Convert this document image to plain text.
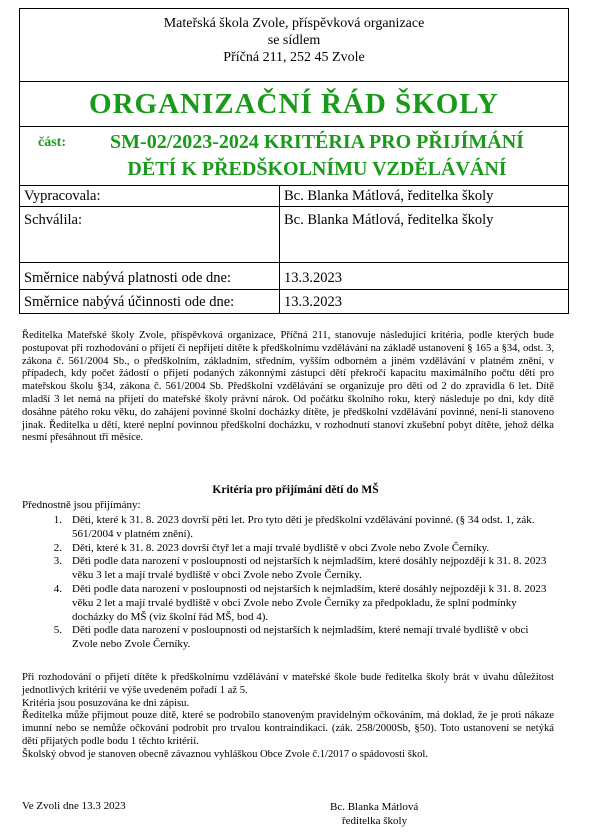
Mateřská škola Zvole, příspěvková organizace
se sídlem
Příčná 211, 252 45 Zvole	

ORGANIZAČNÍ ŘÁD ŠKOLY	

část: SM-02/2023-2024 KRITÉRIA PRO PŘIJÍMÁNÍ
DĚTÍ K PŘEDŠKOLNÍMU VZDĚLÁVÁNÍ	

Vypracovala:	Bc. Blanka Mátlová, ředitelka školy
Schválila:	Bc. Blanka Mátlová, ředitelka školy
Směrnice nabývá platnosti ode dne:	13.3.2023
Směrnice nabývá účinnosti ode dne:	13.3.2023
Ředitelka Mateřské školy Zvole, příspěvková organizace, Příčná 211, stanovuje následující kritéria, podle kterých bude postupovat při rozhodování o přijetí či nepřijetí dítěte k předškolnímu vzdělávání na základě ustanovení § 165 a §34, odst. 3, zákona č. 561/2004 Sb., o předškolním, základním, středním, vyšším odborném a jiném vzdělávání v platném znění, v případech, kdy počet žádostí o přijetí podaných zákonnými zástupci dětí překročí kapacitu maximálního počtu dětí pro mateřskou školu §34, zákona č. 561/2004 Sb. Předškolní vzdělávání se organizuje pro děti od 2 do zpravidla 6 let. Dítě mladší 3 let nemá na přijetí do mateřské školy právní nárok. Od počátku školního roku, který následuje po dni, kdy dítě dosáhne pátého roku věku, do zahájení povinné školní docházky dítěte, je předškolní vzdělávání povinné, není-li stanoveno jinak. Ředitelka u dětí, které neplní povinnou předškolní docházku, v rozhodnutí stanoví zkušební pobyt dítěte, jehož délka nesmí přesáhnout tři měsíce.
Kritéria pro přijímání dětí do MŠ
Přednostně jsou přijímány:
1. Děti, které k 31. 8. 2023 dovrší pěti let. Pro tyto děti je předškolní vzdělávání povinné. (§ 34 odst. 1, zák. 561/2004 v platném znění).
2. Děti, které k 31. 8. 2023 dovrší čtyř let a mají trvalé bydliště v obci Zvole nebo Zvole Černíky.
3. Děti podle data narození v posloupnosti od nejstarších k nejmladším, které dosáhly nejpozději k 31. 8. 2023 věku 3 let a mají trvalé bydliště v obci Zvole nebo Zvole Černíky.
4. Děti podle data narození v posloupnosti od nejstarších k nejmladším, které dosáhly nejpozději k 31. 8. 2023 věku 2 let a mají trvalé bydliště v obci Zvole nebo Zvole Černíky za předpokladu, že splní podmínky docházky do MŠ (viz školní řád MŠ, bod 4).
5. Děti podle data narození v posloupnosti od nejstarších k nejmladším, které nemají trvalé bydliště v obci Zvole nebo Zvole Černíky.

Při rozhodování o přijetí dítěte k předškolnímu vzdělávání v mateřské škole bude ředitelka školy brát v úvahu důležitost jednotlivých kritérií ve výše uvedeném pořadí 1 až 5.

Kritéria jsou posuzována ke dni zápisu.

Ředitelka může přijmout pouze dítě, které se podrobilo stanoveným pravidelným očkováním, má doklad, že je proti nákaze imunní nebo se nemůže očkování podrobit pro trvalou kontraindikaci. (zák. 258/2000Sb, §50). Toto ustanovení se netýká dětí přijatých podle bodu 1 těchto kritérií.

Školský obvod je stanoven obecně závaznou vyhláškou Obce Zvole č.1/2017 o spádovosti škol.

Ve Zvoli dne 13.3 2023	Bc. Blanka Mátlová
ředitelka školy
